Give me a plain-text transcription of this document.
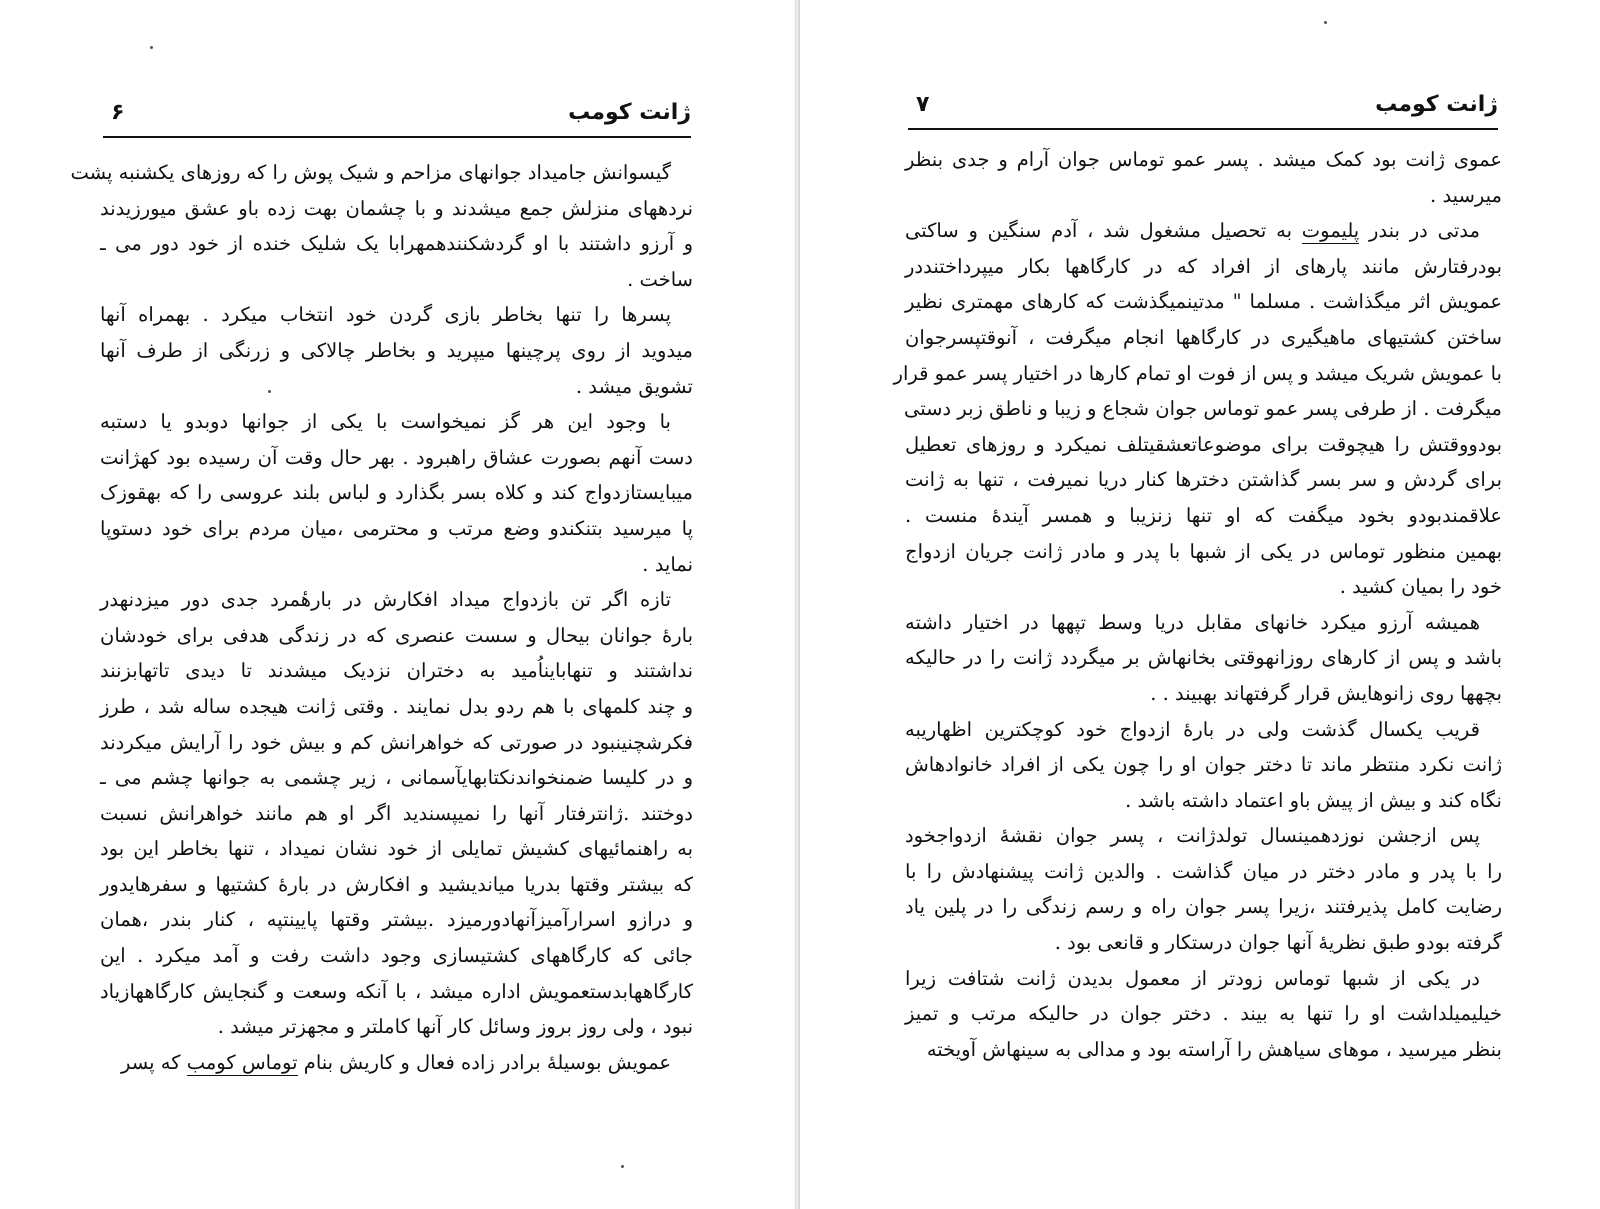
ژانت کومب
۶
گیسوانش جامیداد جوانهای مزاحم و شیک پوش را که روزهای یکشنبه پشت
نردههای منزلش جمع میشدند و با چشمان بهت زده باو عشق میورزیدند
و آرزو داشتند با او گردشکنندهمهرابا یک شلیک خنده از خود دور می ـ
ساخت .
پسرها را تنها بخاطر بازی گردن خود انتخاب میکرد . بهمراه آنها
میدوید از روی پرچینها میپرید و بخاطر چالاکی و زرنگی از طرف آنها
تشویق میشد .
با وجود این هر گز نمیخواست با یکی از جوانها دوبدو یا دستبه
دست آنهم بصورت عشاق راهبرود . بهر حال وقت آن رسیده بود کهژانت
میبایستازدواج کند و کلاه بسر بگذارد و لباس بلند عروسی را که بهقوزک
پا میرسید بتنکندو وضع مرتب و محترمی ،میان مردم برای خود دستوپا
نماید .
تازه اگر تن بازدواج میداد افکارش در بارهٔمرد جدی دور میزدنهدر
بارهٔ جوانان بیحال و سست عنصری که در زندگی هدفی برای خودشان
نداشتند و تنهابایناُمید به دختران نزدیک میشدند تا دیدی تاتهابزنند
و چند کلمهای با هم ردو بدل نمایند . وقتی ژانت هیجده ساله شد ، طرز
فکرشچنینبود در صورتی که خواهرانش کم و بیش خود را آرایش میکردند
و در کلیسا ضمنخواندنکتابهایآسمانی ، زیر چشمی به جوانها چشم می ـ
دوختند .ژانترفتار آنها را نمیپسندید اگر او هم مانند خواهرانش نسبت
به راهنمائیهای کشیش تمایلی از خود نشان نمیداد ، تنها بخاطر این بود
که بیشتر وقتها بدریا میاندیشید و افکارش در بارهٔ کشتیها و سفرهایدور
و درازو اسرارآمیزآنهادورمیزد .بیشتر وقتها پایینتپه ، کنار بندر ،همان
جائی که کارگاههای کشتیسازی وجود داشت رفت و آمد میکرد . این
کارگاههابدستعمویش اداره میشد ، با آنکه وسعت و گنجایش کارگاههازیاد
نبود ، ولی روز بروز وسائل کار آنها کاملتر و مجهزتر میشد .
عمویش بوسیلهٔ برادر زاده فعال و کاریش بنام توماس کومب که پسر
ژانت کومب
۷
عموی ژانت بود کمک میشد . پسر عمو توماس جوان آرام و جدی بنظر
میرسید .
مدتی در بندر پلیموت به تحصیل مشغول شد ، آدم سنگین و ساکتی
بودرفتارش مانند پارهای از افراد که در کارگاهها بکار میپرداختنددر
عمویش اثر میگذاشت . مسلما " مدتینمیگذشت که کارهای مهمتری نظیر
ساختن کشتیهای ماهیگیری در کارگاهها انجام میگرفت ، آنوقتپسرجوان
با عمویش شریک میشد و پس از فوت او تمام کارها در اختیار پسر عمو قرار
میگرفت . از طرفی پسر عمو توماس جوان شجاع و زیبا و ناطق زبر دستی
بودووقتش را هیچوقت برای موضوعاتعشقیتلف نمیکرد و روزهای تعطیل
برای گردش و سر بسر گذاشتن دخترها کنار دریا نمیرفت ، تنها به ژانت
علاقمندبودو بخود میگفت که او تنها زنزیبا و همسر آیندهٔ منست .
بهمین منظور توماس در یکی از شبها با پدر و مادر ژانت جریان ازدواج
خود را بمیان کشید .
همیشه آرزو میکرد خانهای مقابل دریا وسط تپهها در اختیار داشته
باشد و پس از کارهای روزانهوقتی بخانهاش بر میگردد ژانت را در حالیکه
بچهها روی زانوهایش قرار گرفتهاند بهبیند . .
قریب یکسال گذشت ولی در بارهٔ ازدواج خود کوچکترین اظهاریبه
ژانت نکرد منتظر ماند تا دختر جوان او را چون یکی از افراد خانوادهاش
نگاه کند و بیش از پیش باو اعتماد داشته باشد .
پس ازجشن نوزدهمینسال تولدژانت ، پسر جوان نقشهٔ ازدواجخود
را با پدر و مادر دختر در میان گذاشت . والدین ژانت پیشنهادش را با
رضایت کامل پذیرفتند ،زیرا پسر جوان راه و رسم زندگی را در پلین یاد
گرفته بودو طبق نظریهٔ آنها جوان درستکار و قانعی بود .
در یکی از شبها توماس زودتر از معمول بدیدن ژانت شتافت زیرا
خیلیمیلداشت او را تنها به بیند . دختر جوان در حالیکه مرتب و تمیز
بنظر میرسید ، موهای سیاهش را آراسته بود و مدالی به سینهاش آویخته
